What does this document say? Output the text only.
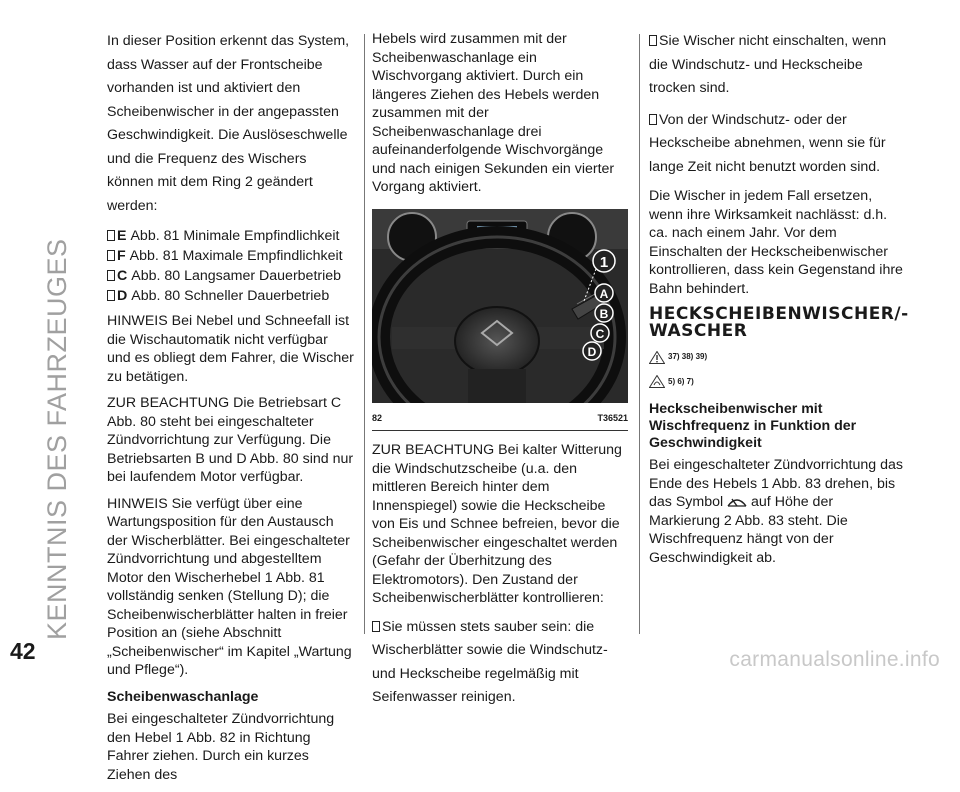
KENNTNIS DES FAHRZEUGES
42	carmanualsonline.info

In dieser Position erkennt das System, dass Wasser auf der Frontscheibe vorhanden ist und aktiviert den Scheibenwischer in der angepassten Geschwindigkeit. Die Auslöseschwelle und die Frequenz des Wischers können mit dem Ring 2 geändert werden:

E Abb. 81 Minimale Empfindlichkeit
F Abb. 81 Maximale Empfindlichkeit
C Abb. 80 Langsamer Dauerbetrieb
D Abb. 80 Schneller Dauerbetrieb

HINWEIS Bei Nebel und Schneefall ist die Wischautomatik nicht verfügbar und es obliegt dem Fahrer, die Wischer zu betätigen.

ZUR BEACHTUNG Die Betriebsart C Abb. 80 steht bei eingeschalteter Zündvorrichtung zur Verfügung. Die Betriebsarten B und D Abb. 80 sind nur bei laufendem Motor verfügbar.

HINWEIS Sie verfügt über eine Wartungsposition für den Austausch der Wischerblätter. Bei eingeschalteter Zündvorrichtung und abgestelltem Motor den Wischerhebel 1 Abb. 81 vollständig senken (Stellung D); die Scheibenwischerblätter halten in freier Position an (siehe Abschnitt „Scheibenwischer“ im Kapitel „Wartung und Pflege“).

Scheibenwaschanlage

Bei eingeschalteter Zündvorrichtung den Hebel 1 Abb. 82 in Richtung Fahrer ziehen. Durch ein kurzes Ziehen des

Hebels wird zusammen mit der Scheibenwaschanlage ein Wischvorgang aktiviert. Durch ein längeres Ziehen des Hebels werden zusammen mit der Scheibenwaschanlage drei aufeinanderfolgende Wischvorgänge und nach einigen Sekunden ein vierter Vorgang aktiviert.

1
A
B
C
D
82	T36521

ZUR BEACHTUNG Bei kalter Witterung die Windschutzscheibe (u.a. den mittleren Bereich hinter dem Innenspiegel) sowie die Heckscheibe von Eis und Schnee befreien, bevor die Scheibenwischer eingeschaltet werden (Gefahr der Überhitzung des Elektromotors). Den Zustand der Scheibenwischerblätter kontrollieren:

Sie müssen stets sauber sein: die Wischerblätter sowie die Windschutz- und Heckscheibe regelmäßig mit Seifenwasser reinigen.

Sie Wischer nicht einschalten, wenn die Windschutz- und Heckscheibe trocken sind.

Von der Windschutz- oder der Heckscheibe abnehmen, wenn sie für lange Zeit nicht benutzt worden sind.

Die Wischer in jedem Fall ersetzen, wenn ihre Wirksamkeit nachlässt: d.h. ca. nach einem Jahr. Vor dem Einschalten der Heckscheibenwischer kontrollieren, dass kein Gegenstand ihre Bahn behindert.

HECKSCHEIBENWISCHER/-WASCHER
37) 38) 39)
5) 6) 7)
Heckscheibenwischer mit Wischfrequenz in Funktion der Geschwindigkeit

Bei eingeschalteter Zündvorrichtung das Ende des Hebels 1 Abb. 83 drehen, bis das Symbol auf Höhe der Markierung 2 Abb. 83 steht. Die Wischfrequenz hängt von der Geschwindigkeit ab.
